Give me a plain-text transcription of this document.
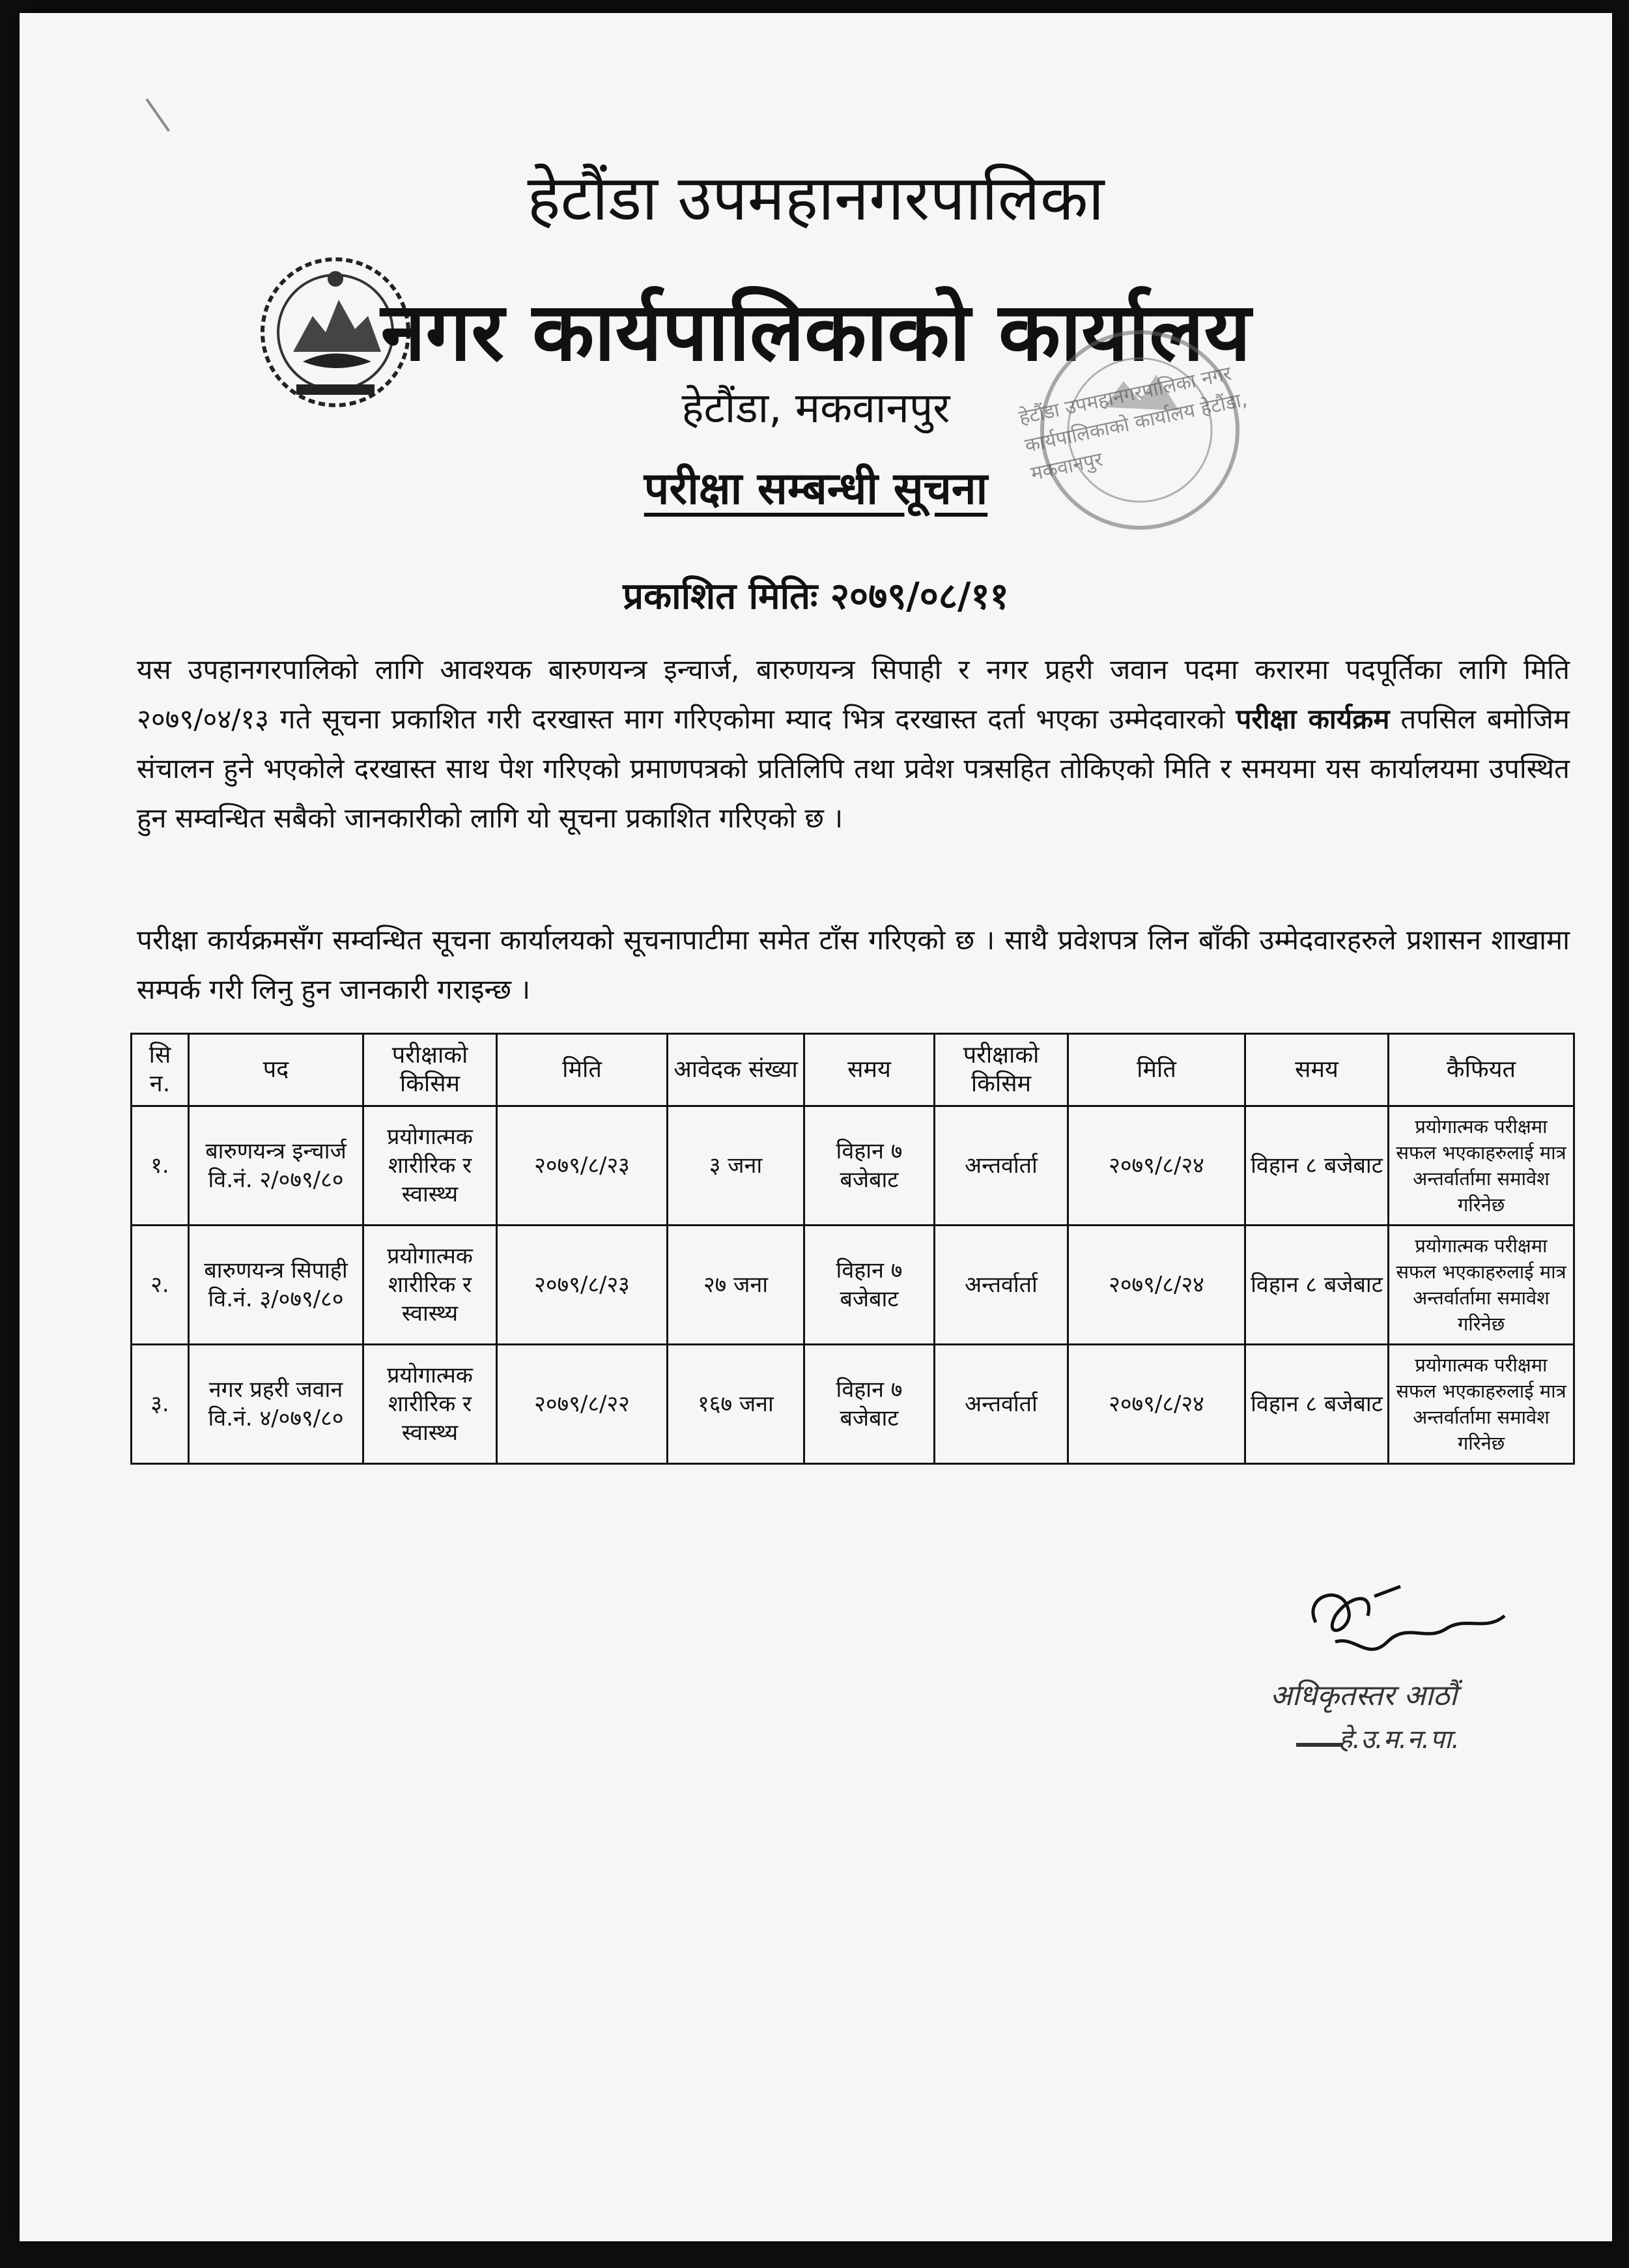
हेटौंडा उपमहानगरपालिका
नगर कार्यपालिकाको कार्यालय
हेटौंडा, मकवानपुर
परीक्षा सम्बन्धी सूचना
हेटौंडा उपमहानगरपालिका नगर कार्यपालिकाको कार्यालय हेटौंडा, मकवानपुर
प्रकाशित मितिः २०७९/०८/११
यस उपहानगरपालिको लागि आवश्यक बारुणयन्त्र इन्चार्ज, बारुणयन्त्र सिपाही र नगर प्रहरी जवान पदमा करारमा पदपूर्तिका लागि मिति २०७९/०४/१३ गते सूचना प्रकाशित गरी दरखास्त माग गरिएकोमा म्याद भित्र दरखास्त दर्ता भएका उम्मेदवारको परीक्षा कार्यक्रम तपसिल बमोजिम संचालन हुने भएकोले दरखास्त साथ पेश गरिएको प्रमाणपत्रको प्रतिलिपि तथा प्रवेश पत्रसहित तोकिएको मिति र समयमा यस कार्यालयमा उपस्थित हुन सम्वन्धित सबैको जानकारीको लागि यो सूचना प्रकाशित गरिएको छ ।
परीक्षा कार्यक्रमसँग सम्वन्धित सूचना कार्यालयको सूचनापाटीमा समेत टाँस गरिएको छ । साथै प्रवेशपत्र लिन बाँकी उम्मेदवारहरुले प्रशासन शाखामा सम्पर्क गरी लिनु हुन जानकारी गराइन्छ ।
सि न.	पद	परीक्षाको किसिम	मिति	आवेदक संख्या	समय	परीक्षाको किसिम	मिति	समय	कैफियत
१.	बारुणयन्त्र इन्चार्ज वि.नं. २/०७९/८०	प्रयोगात्मक शारीरिक र स्वास्थ्य	२०७९/८/२३	३ जना	विहान ७ बजेबाट	अन्तर्वार्ता	२०७९/८/२४	विहान ८ बजेबाट	प्रयोगात्मक परीक्षमा सफल भएकाहरुलाई मात्र अन्तर्वार्तामा समावेश गरिनेछ
२.	बारुणयन्त्र सिपाही वि.नं. ३/०७९/८०	प्रयोगात्मक शारीरिक र स्वास्थ्य	२०७९/८/२३	२७ जना	विहान ७ बजेबाट	अन्तर्वार्ता	२०७९/८/२४	विहान ८ बजेबाट	प्रयोगात्मक परीक्षमा सफल भएकाहरुलाई मात्र अन्तर्वार्तामा समावेश गरिनेछ
३.	नगर प्रहरी जवान वि.नं. ४/०७९/८०	प्रयोगात्मक शारीरिक र स्वास्थ्य	२०७९/८/२२	१६७ जना	विहान ७ बजेबाट	अन्तर्वार्ता	२०७९/८/२४	विहान ८ बजेबाट	प्रयोगात्मक परीक्षमा सफल भएकाहरुलाई मात्र अन्तर्वार्तामा समावेश गरिनेछ
अधिकृतस्तर आठौं
हे.उ.म.न.पा.
